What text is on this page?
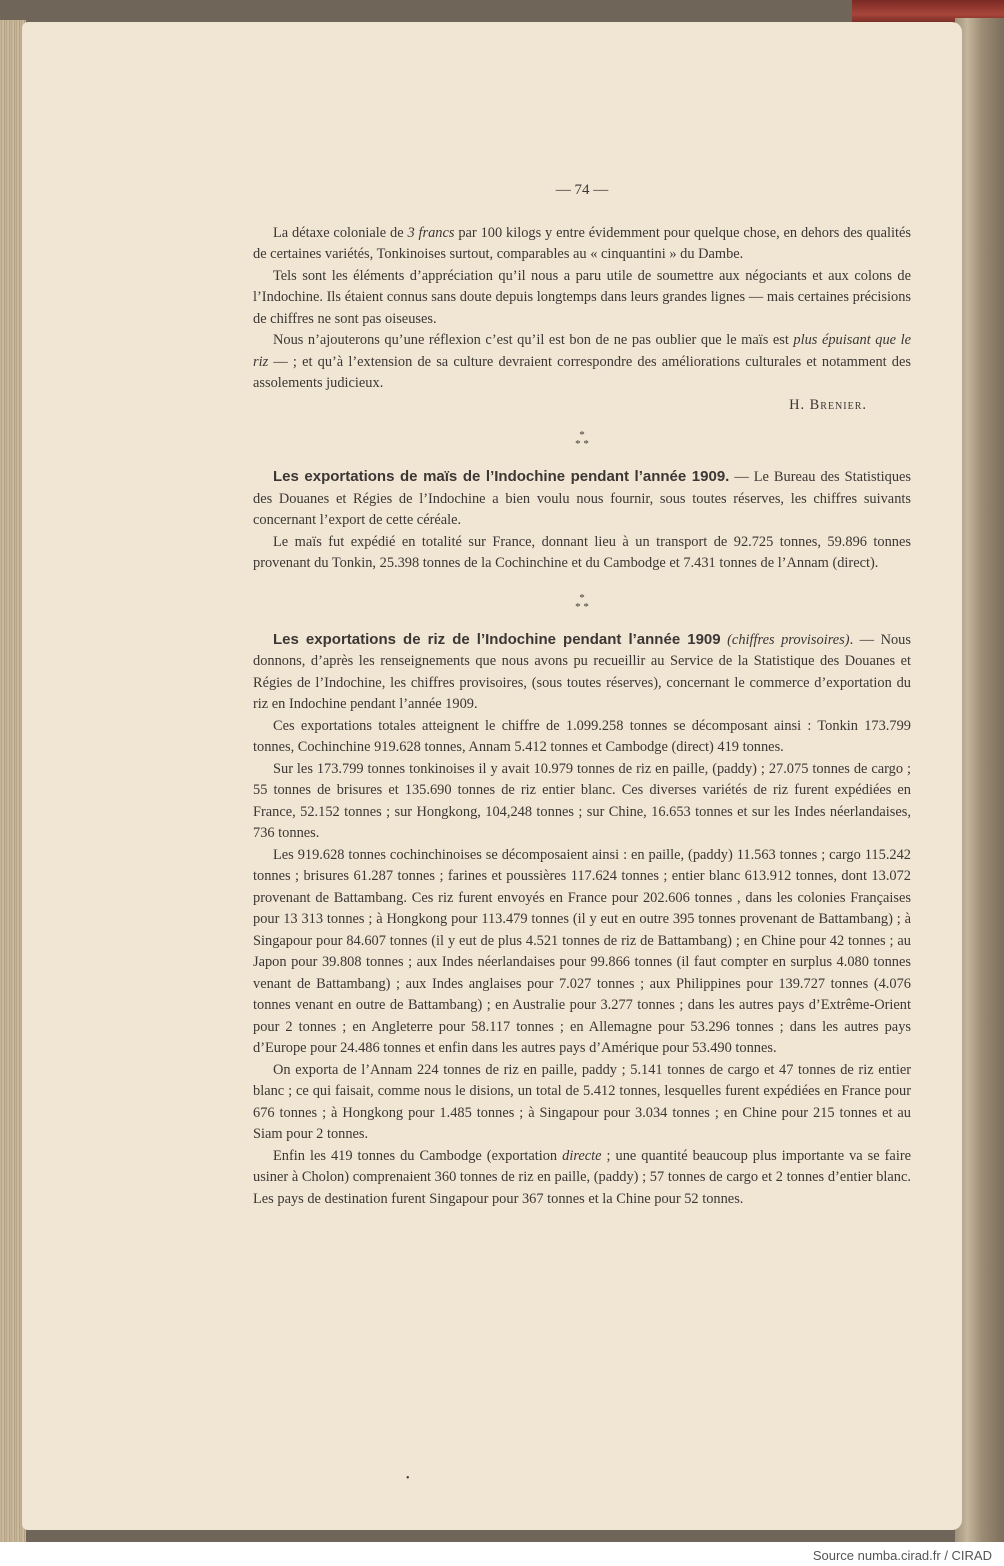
— 74 —

La détaxe coloniale de 3 francs par 100 kilogs y entre évidemment pour quelque chose, en dehors des qualités de certaines variétés, Tonkinoises surtout, comparables au « cinquantini » du Dambe.

Tels sont les éléments d’appréciation qu’il nous a paru utile de soumettre aux négociants et aux colons de l’Indochine. Ils étaient connus sans doute depuis longtemps dans leurs grandes lignes — mais certaines précisions de chiffres ne sont pas oiseuses.

Nous n’ajouterons qu’une réflexion c’est qu’il est bon de ne pas oublier que le maïs est plus épuisant que le riz — ; et qu’à l’extension de sa culture devraient correspondre des améliorations culturales et notamment des assolements judicieux.

H. Brenier.

*
* *

Les exportations de maïs de l’Indochine pendant l’année 1909. — Le Bureau des Statistiques des Douanes et Régies de l’Indochine a bien voulu nous fournir, sous toutes réserves, les chiffres suivants concernant l’export de cette céréale.

Le maïs fut expédié en totalité sur France, donnant lieu à un transport de 92.725 tonnes, 59.896 tonnes provenant du Tonkin, 25.398 tonnes de la Cochinchine et du Cambodge et 7.431 tonnes de l’Annam (direct).

*
* *

Les exportations de riz de l’Indochine pendant l’année 1909 (chiffres provisoires). — Nous donnons, d’après les renseignements que nous avons pu recueillir au Service de la Statistique des Douanes et Régies de l’Indochine, les chiffres provisoires, (sous toutes réserves), concernant le commerce d’exportation du riz en Indochine pendant l’année 1909.

Ces exportations totales atteignent le chiffre de 1.099.258 tonnes se décomposant ainsi : Tonkin 173.799 tonnes, Cochinchine 919.628 tonnes, Annam 5.412 tonnes et Cambodge (direct) 419 tonnes.

Sur les 173.799 tonnes tonkinoises il y avait 10.979 tonnes de riz en paille, (paddy) ; 27.075 tonnes de cargo ; 55 tonnes de brisures et 135.690 tonnes de riz entier blanc. Ces diverses variétés de riz furent expédiées en France, 52.152 tonnes ; sur Hongkong, 104,248 tonnes ; sur Chine, 16.653 tonnes et sur les Indes néerlandaises, 736 tonnes.

Les 919.628 tonnes cochinchinoises se décomposaient ainsi : en paille, (paddy) 11.563 tonnes ; cargo 115.242 tonnes ; brisures 61.287 tonnes ; farines et poussières 117.624 tonnes ; entier blanc 613.912 tonnes, dont 13.072 provenant de Battambang. Ces riz furent envoyés en France pour 202.606 tonnes , dans les colonies Françaises pour 13 313 tonnes ; à Hongkong pour 113.479 tonnes (il y eut en outre 395 tonnes provenant de Battambang) ; à Singapour pour 84.607 tonnes (il y eut de plus 4.521 tonnes de riz de Battambang) ; en Chine pour 42 tonnes ; au Japon pour 39.808 tonnes ; aux Indes néerlandaises pour 99.866 tonnes (il faut compter en surplus 4.080 tonnes venant de Battambang) ; aux Indes anglaises pour 7.027 tonnes ; aux Philippines pour 139.727 tonnes (4.076 tonnes venant en outre de Battambang) ; en Australie pour 3.277 tonnes ; dans les autres pays d’Extrême-Orient pour 2 tonnes ; en Angleterre pour 58.117 tonnes ; en Allemagne pour 53.296 tonnes ; dans les autres pays d’Europe pour 24.486 tonnes et enfin dans les autres pays d’Amérique pour 53.490 tonnes.

On exporta de l’Annam 224 tonnes de riz en paille, paddy ; 5.141 tonnes de cargo et 47 tonnes de riz entier blanc ; ce qui faisait, comme nous le disions, un total de 5.412 tonnes, lesquelles furent expédiées en France pour 676 tonnes ; à Hongkong pour 1.485 tonnes ; à Singapour pour 3.034 tonnes ; en Chine pour 215 tonnes et au Siam pour 2 tonnes.

Enfin les 419 tonnes du Cambodge (exportation directe ; une quantité beaucoup plus importante va se faire usiner à Cholon) comprenaient 360 tonnes de riz en paille, (paddy) ; 57 tonnes de cargo et 2 tonnes d’entier blanc. Les pays de destination furent Singapour pour 367 tonnes et la Chine pour 52 tonnes.

•
Source numba.cirad.fr / CIRAD
